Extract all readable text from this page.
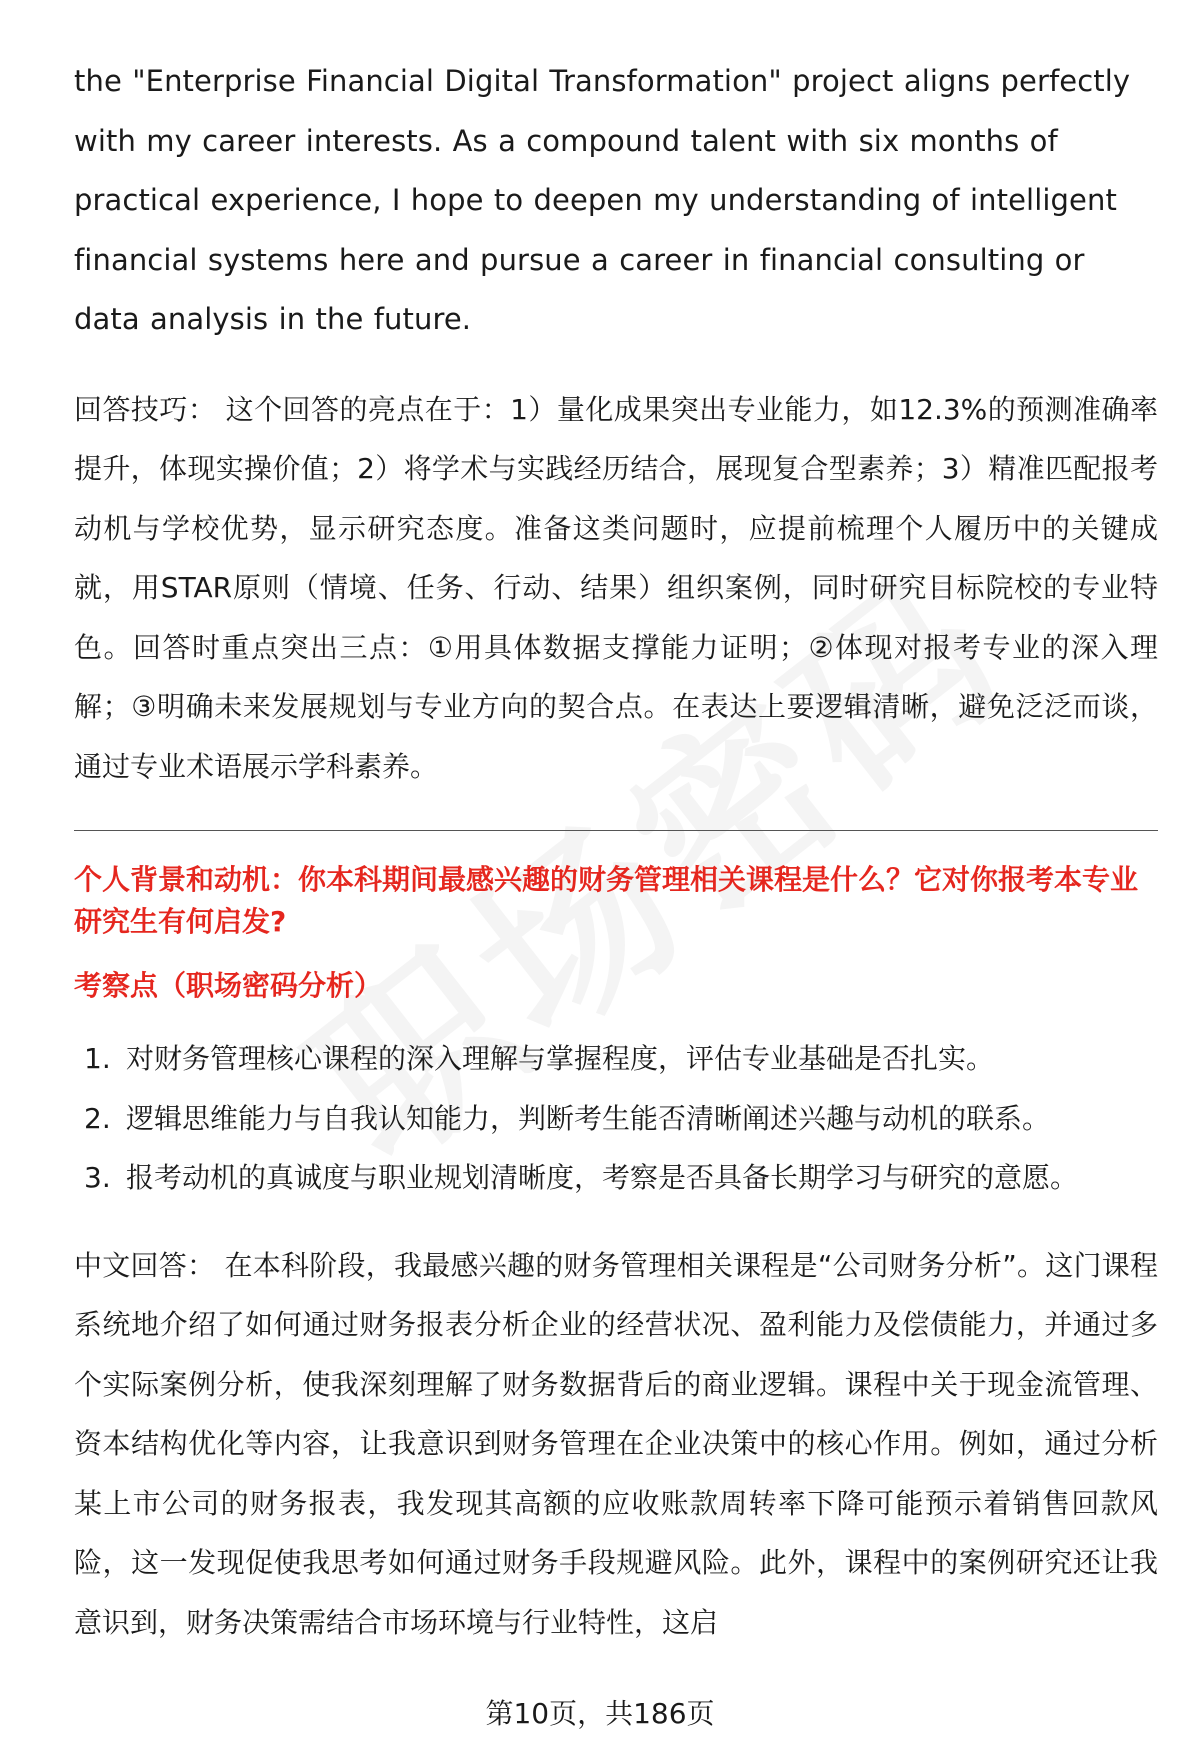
the "Enterprise Financial Digital Transformation" project aligns perfectly with my career interests. As a compound talent with six months of practical experience, I hope to deepen my understanding of intelligent financial systems here and pursue a career in financial consulting or data analysis in the future.

回答技巧： 这个回答的亮点在于：1）量化成果突出专业能力，如12.3%的预测准确率提升，体现实操价值；2）将学术与实践经历结合，展现复合型素养；3）精准匹配报考动机与学校优势，显示研究态度。准备这类问题时，应提前梳理个人履历中的关键成就，用STAR原则（情境、任务、行动、结果）组织案例，同时研究目标院校的专业特色。回答时重点突出三点：①用具体数据支撑能力证明；②体现对报考专业的深入理解；③明确未来发展规划与专业方向的契合点。在表达上要逻辑清晰，避免泛泛而谈，通过专业术语展示学科素养。

个人背景和动机：你本科期间最感兴趣的财务管理相关课程是什么？它对你报考本专业研究生有何启发?

考察点（职场密码分析）

1. 对财务管理核心课程的深入理解与掌握程度，评估专业基础是否扎实。
2. 逻辑思维能力与自我认知能力，判断考生能否清晰阐述兴趣与动机的联系。
3. 报考动机的真诚度与职业规划清晰度，考察是否具备长期学习与研究的意愿。

中文回答： 在本科阶段，我最感兴趣的财务管理相关课程是“公司财务分析”。这门课程系统地介绍了如何通过财务报表分析企业的经营状况、盈利能力及偿债能力，并通过多个实际案例分析，使我深刻理解了财务数据背后的商业逻辑。课程中关于现金流管理、资本结构优化等内容，让我意识到财务管理在企业决策中的核心作用。例如，通过分析某上市公司的财务报表，我发现其高额的应收账款周转率下降可能预示着销售回款风险，这一发现促使我思考如何通过财务手段规避风险。此外，课程中的案例研究还让我意识到，财务决策需结合市场环境与行业特性，这启

第10页，共186页
